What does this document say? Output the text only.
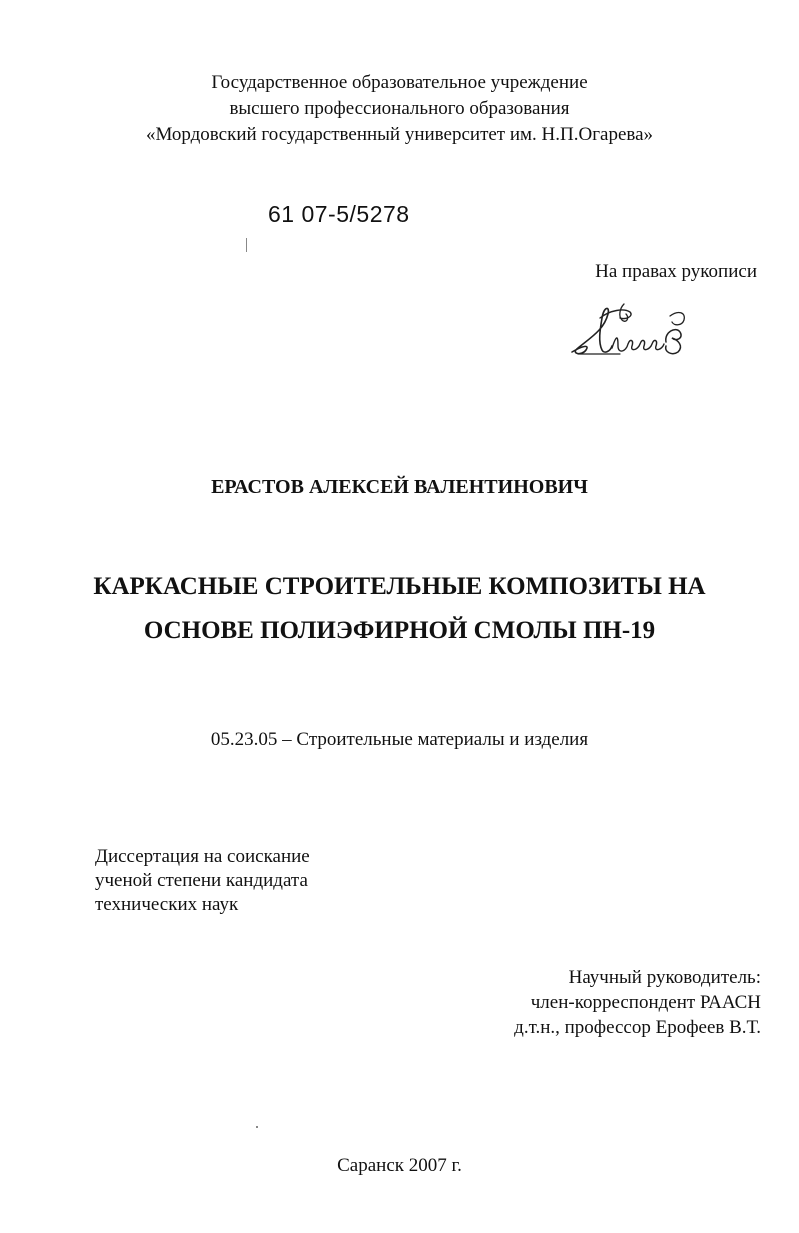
Государственное образовательное учреждение
высшего профессионального образования
«Мордовский государственный университет им. Н.П.Огарева»
61 07-5/5278
На правах рукописи
ЕРАСТОВ АЛЕКСЕЙ ВАЛЕНТИНОВИЧ
КАРКАСНЫЕ СТРОИТЕЛЬНЫЕ КОМПОЗИТЫ НА
ОСНОВЕ ПОЛИЭФИРНОЙ СМОЛЫ ПН-19
05.23.05 – Строительные материалы и изделия
Диссертация на соискание
ученой степени кандидата
технических наук
Научный руководитель:
член-корреспондент РААСН
д.т.н., профессор Ерофеев В.Т.
Саранск 2007 г.
